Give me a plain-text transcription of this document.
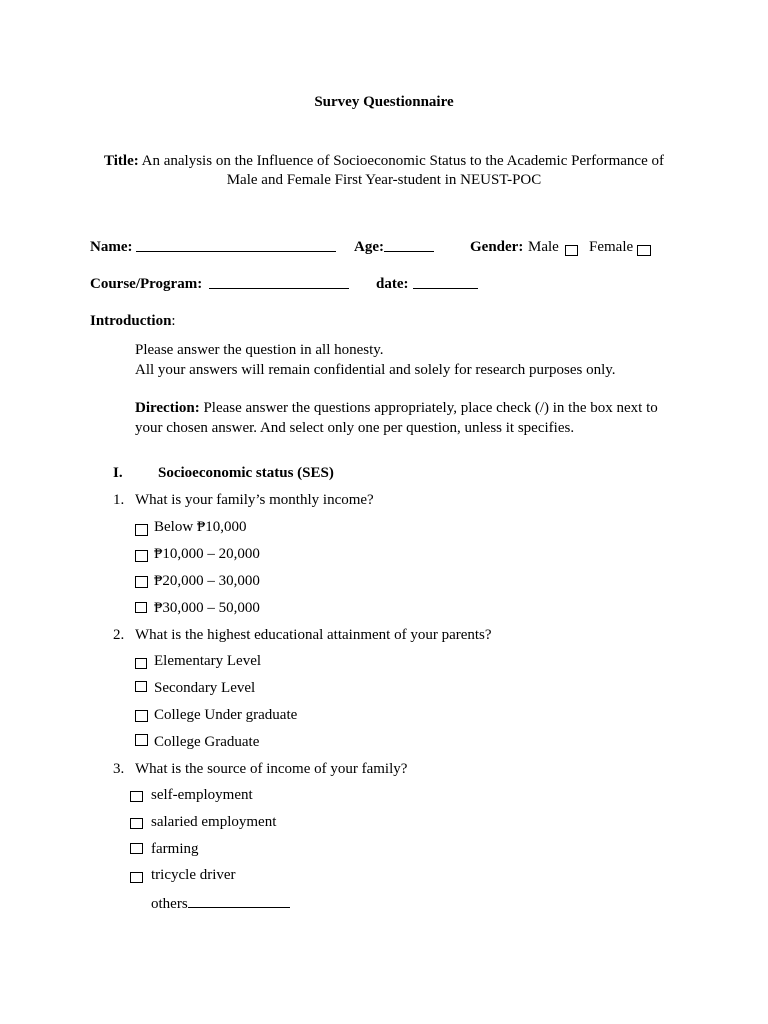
Survey Questionnaire
Title: An analysis on the Influence of Socioeconomic Status to the Academic Performance of
Male and Female First Year-student in NEUST-POC
Name:	Age:	Gender: Male Female
Course/Program:	date:
Introduction:
Please answer the question in all honesty.
All your answers will remain confidential and solely for research purposes only.
Direction: Please answer the questions appropriately, place check (/) in the box next to
your chosen answer. And select only one per question, unless it specifies.
I. Socioeconomic status (SES)
1. What is your family’s monthly income?
Below ₱10,000
₱10,000 – 20,000
₱20,000 – 30,000
₱30,000 – 50,000
2. What is the highest educational attainment of your parents?
Elementary Level
Secondary Level
College Under graduate
College Graduate
3. What is the source of income of your family?
self-employment
salaried employment
farming
tricycle driver
others
